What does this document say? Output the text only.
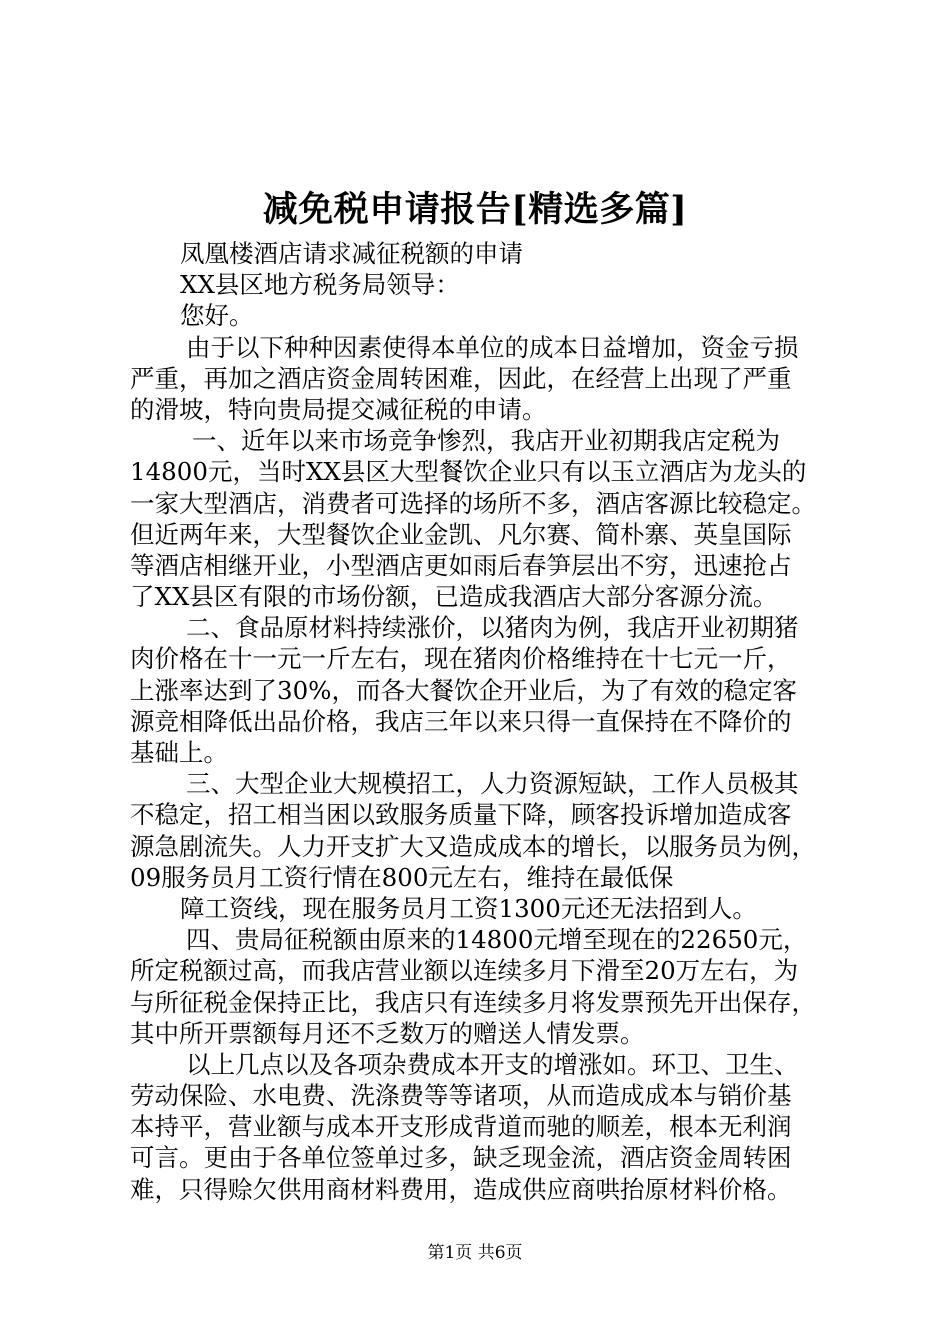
减免税申请报告[精选多篇]
凤凰楼酒店请求减征税额的申请
XX县区地方税务局领导：
您好。
由于以下种种因素使得本单位的成本日益增加，资金亏损
严重，再加之酒店资金周转困难，因此，在经营上出现了严重
的滑坡，特向贵局提交减征税的申请。
一、近年以来市场竞争惨烈，我店开业初期我店定税为
14800元，当时XX县区大型餐饮企业只有以玉立酒店为龙头的
一家大型酒店，消费者可选择的场所不多，酒店客源比较稳定。
但近两年来，大型餐饮企业金凯、凡尔赛、简朴寨、英皇国际
等酒店相继开业，小型酒店更如雨后春笋层出不穷，迅速抢占
了XX县区有限的市场份额，已造成我酒店大部分客源分流。
二、食品原材料持续涨价，以猪肉为例，我店开业初期猪
肉价格在十一元一斤左右，现在猪肉价格维持在十七元一斤，
上涨率达到了30%，而各大餐饮企开业后，为了有效的稳定客
源竞相降低出品价格，我店三年以来只得一直保持在不降价的
基础上。
三、大型企业大规模招工，人力资源短缺，工作人员极其
不稳定，招工相当困以致服务质量下降，顾客投诉增加造成客
源急剧流失。人力开支扩大又造成成本的增长，以服务员为例，
09服务员月工资行情在800元左右，维持在最低保
障工资线，现在服务员月工资1300元还无法招到人。
四、贵局征税额由原来的14800元增至现在的22650元，
所定税额过高，而我店营业额以连续多月下滑至20万左右，为
与所征税金保持正比，我店只有连续多月将发票预先开出保存，
其中所开票额每月还不乏数万的赠送人情发票。
以上几点以及各项杂费成本开支的增涨如。环卫、卫生、
劳动保险、水电费、洗涤费等等诸项，从而造成成本与销价基
本持平，营业额与成本开支形成背道而驰的顺差，根本无利润
可言。更由于各单位签单过多，缺乏现金流，酒店资金周转困
难，只得赊欠供用商材料费用，造成供应商哄抬原材料价格。
第1页 共6页
